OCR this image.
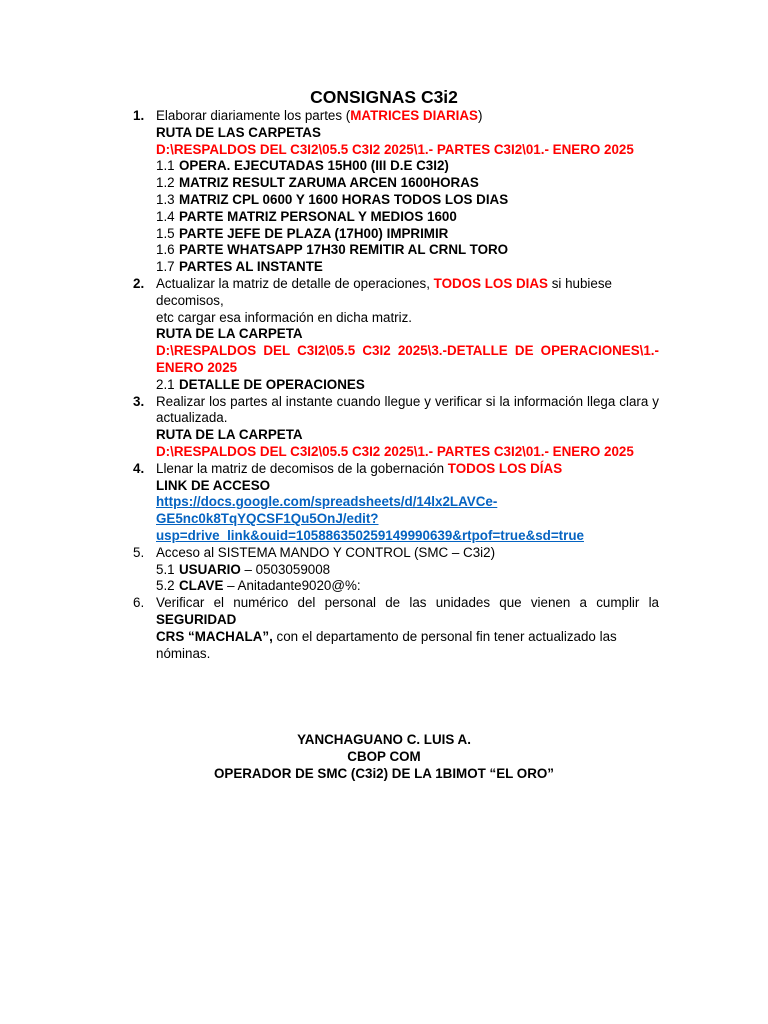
CONSIGNAS C3i2
1. Elaborar diariamente los partes (MATRICES DIARIAS)
RUTA DE LAS CARPETAS
D:\RESPALDOS DEL C3I2\05.5 C3I2 2025\1.- PARTES C3I2\01.- ENERO 2025
1.1 OPERA. EJECUTADAS 15H00 (III D.E C3I2)
1.2 MATRIZ RESULT ZARUMA ARCEN 1600HORAS
1.3 MATRIZ CPL 0600 Y 1600 HORAS TODOS LOS DIAS
1.4 PARTE MATRIZ PERSONAL Y MEDIOS 1600
1.5 PARTE JEFE DE PLAZA (17H00) IMPRIMIR
1.6 PARTE WHATSAPP 17H30 REMITIR AL CRNL TORO
1.7 PARTES AL INSTANTE
2. Actualizar la matriz de detalle de operaciones, TODOS LOS DIAS si hubiese decomisos,
etc cargar esa información en dicha matriz.
RUTA DE LA CARPETA
D:\RESPALDOS DEL C3I2\05.5 C3I2 2025\3.-DETALLE DE OPERACIONES\1.-
ENERO 2025
2.1 DETALLE DE OPERACIONES
3. Realizar los partes al instante cuando llegue y verificar si la información llega clara y
actualizada.
RUTA DE LA CARPETA
D:\RESPALDOS DEL C3I2\05.5 C3I2 2025\1.- PARTES C3I2\01.- ENERO 2025
4. Llenar la matriz de decomisos de la gobernación TODOS LOS DÍAS
LINK DE ACCESO
https://docs.google.com/spreadsheets/d/14lx2LAVCe-
GE5nc0k8TqYQCSF1Qu5OnJ/edit?
usp=drive_link&ouid=105886350259149990639&rtpof=true&sd=true
5. Acceso al SISTEMA MANDO Y CONTROL (SMC – C3i2)
5.1 USUARIO – 0503059008
5.2 CLAVE – Anitadante9020@%:
6. Verificar el numérico del personal de las unidades que vienen a cumplir la SEGURIDAD
CRS “MACHALA”, con el departamento de personal fin tener actualizado las nóminas.
YANCHAGUANO C. LUIS A.
CBOP COM
OPERADOR DE SMC (C3i2) DE LA 1BIMOT “EL ORO”
